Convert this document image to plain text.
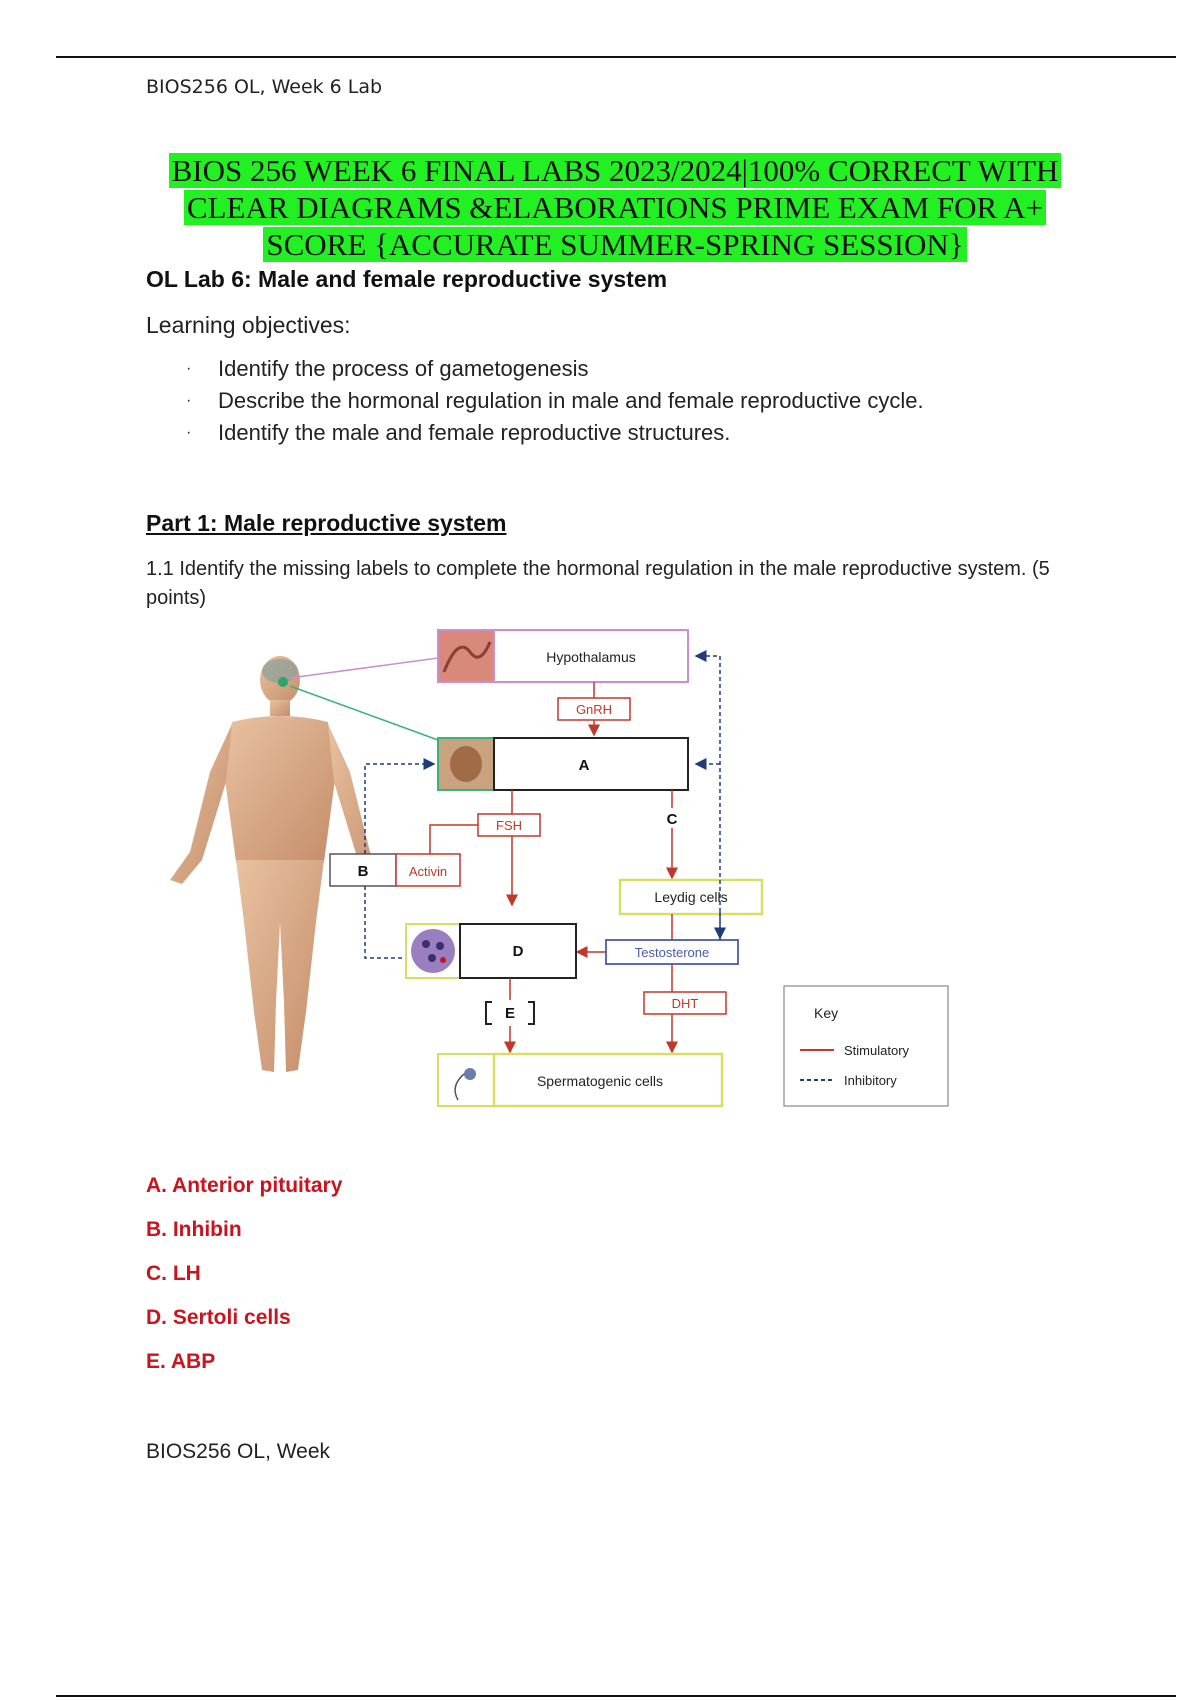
BIOS256 OL, Week 6 Lab
BIOS 256 WEEK 6 FINAL LABS 2023/2024|100% CORRECT WITH
CLEAR DIAGRAMS &ELABORATIONS PRIME EXAM FOR A+
SCORE {ACCURATE SUMMER-SPRING SESSION}
OL Lab 6: Male and female reproductive system
Learning objectives:
· Identify the process of gametogenesis
· Describe the hormonal regulation in male and female reproductive cycle.
· Identify the male and female reproductive structures.
Part 1: Male reproductive system
1.1 Identify the missing labels to complete the hormonal regulation in the male reproductive system. (5 points)
Hypothalamus
GnRH
A
FSH
B	Activin
C
Leydig cells
Testosterone
D
E
DHT
Spermatogenic cells
Key
Stimulatory
Inhibitory
A. Anterior pituitary
B. Inhibin
C. LH
D. Sertoli cells
E. ABP
BIOS256 OL, Week
